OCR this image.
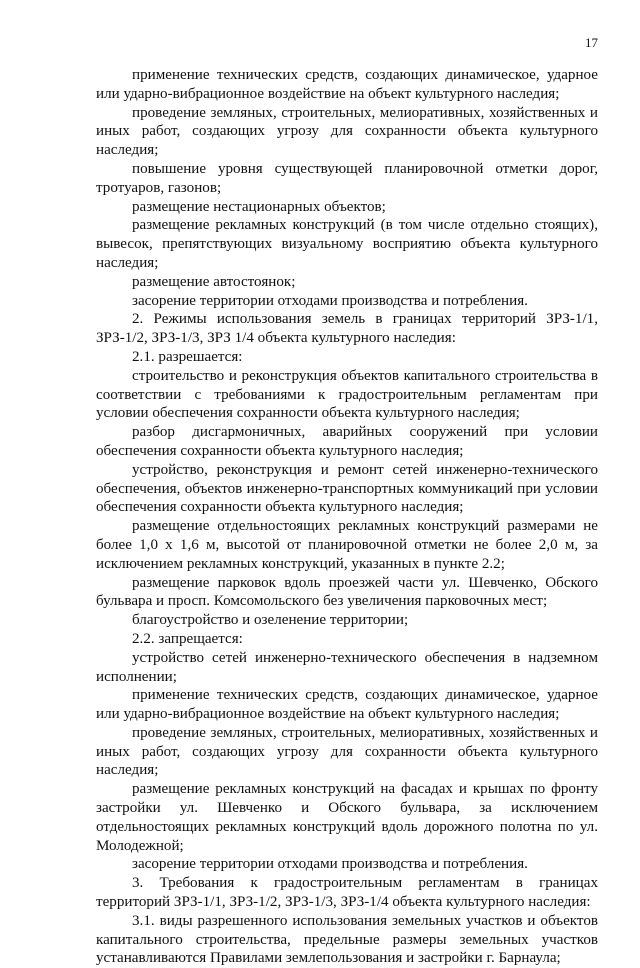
17

применение технических средств, создающих динамическое, ударное или ударно-вибрационное воздействие на объект культурного наследия;

проведение земляных, строительных, мелиоративных, хозяйственных и иных работ, создающих угрозу для сохранности объекта культурного наследия;

повышение уровня существующей планировочной отметки дорог, тротуаров, газонов;

размещение нестационарных объектов;

размещение рекламных конструкций (в том числе отдельно стоящих), вывесок, препятствующих визуальному восприятию объекта культурного наследия;

размещение автостоянок;

засорение территории отходами производства и потребления.

2. Режимы использования земель в границах территорий ЗРЗ-1/1, ЗРЗ-1/2, ЗРЗ-1/3, ЗРЗ 1/4 объекта культурного наследия:

2.1. разрешается:

строительство и реконструкция объектов капитального строительства в соответствии с требованиями к градостроительным регламентам при условии обеспечения сохранности объекта культурного наследия;

разбор дисгармоничных, аварийных сооружений при условии обеспечения сохранности объекта культурного наследия;

устройство, реконструкция и ремонт сетей инженерно-технического обеспечения, объектов инженерно-транспортных коммуникаций при условии обеспечения сохранности объекта культурного наследия;

размещение отдельностоящих рекламных конструкций размерами не более 1,0 х 1,6 м, высотой от планировочной отметки не более 2,0 м, за исключением рекламных конструкций, указанных в пункте 2.2;

размещение парковок вдоль проезжей части ул. Шевченко, Обского бульвара и просп. Комсомольского без увеличения парковочных мест;

благоустройство и озеленение территории;

2.2. запрещается:

устройство сетей инженерно-технического обеспечения в надземном исполнении;

применение технических средств, создающих динамическое, ударное или ударно-вибрационное воздействие на объект культурного наследия;

проведение земляных, строительных, мелиоративных, хозяйственных и иных работ, создающих угрозу для сохранности объекта культурного наследия;

размещение рекламных конструкций на фасадах и крышах по фронту застройки ул. Шевченко и Обского бульвара, за исключением отдельностоящих рекламных конструкций вдоль дорожного полотна по ул. Молодежной;

засорение территории отходами производства и потребления.

3. Требования к градостроительным регламентам в границах территорий ЗРЗ-1/1, ЗРЗ-1/2, ЗРЗ-1/3, ЗРЗ-1/4 объекта культурного наследия:

3.1. виды разрешенного использования земельных участков и объектов капитального строительства, предельные размеры земельных участков устанавливаются Правилами землепользования и застройки г. Барнаула;
